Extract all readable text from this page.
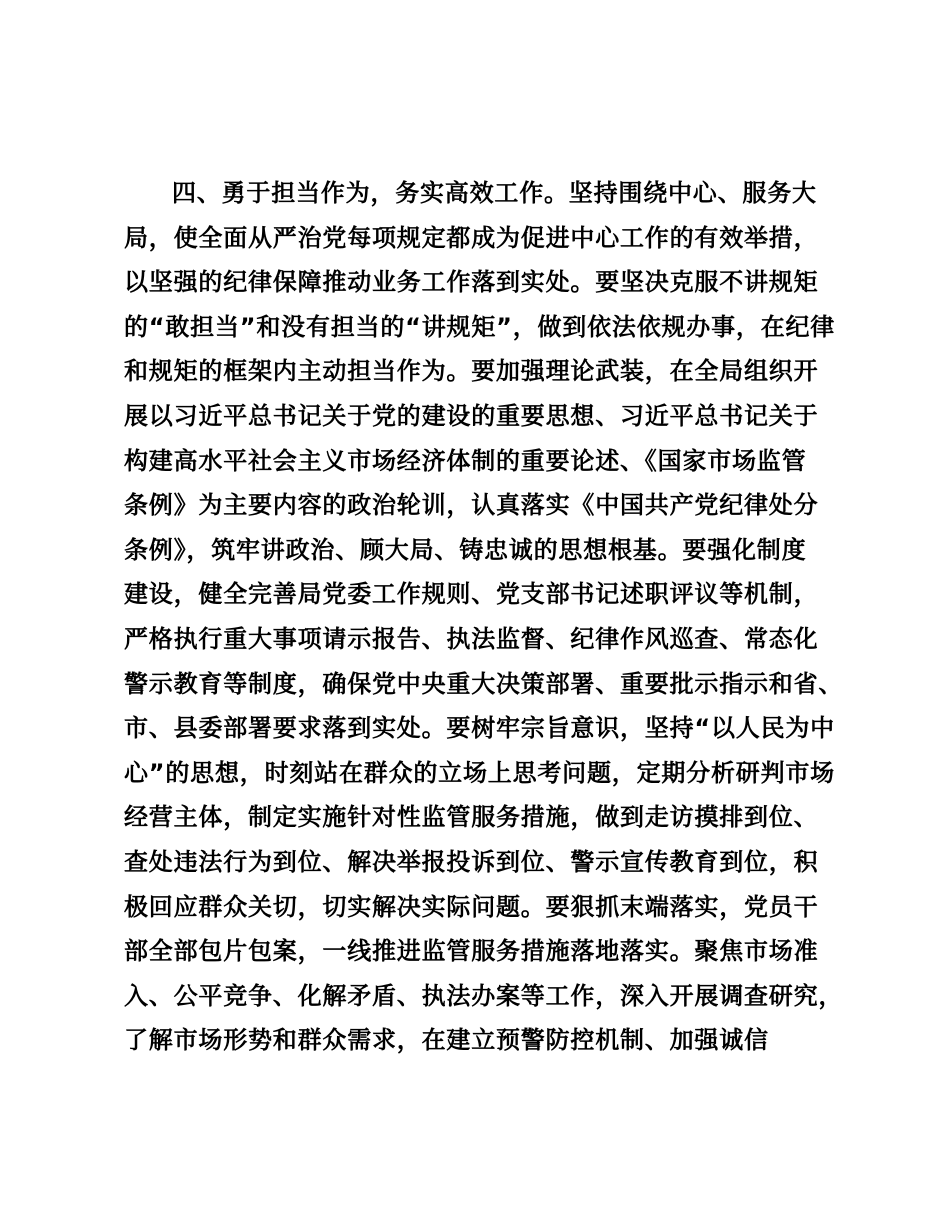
四、勇于担当作为，务实高效工作。坚持围绕中心、服务大
局，使全面从严治党每项规定都成为促进中心工作的有效举措，
以坚强的纪律保障推动业务工作落到实处。要坚决克服不讲规矩
的“敢担当”和没有担当的“讲规矩”，做到依法依规办事，在纪律
和规矩的框架内主动担当作为。要加强理论武装，在全局组织开
展以习近平总书记关于党的建设的重要思想、习近平总书记关于
构建高水平社会主义市场经济体制的重要论述、《国家市场监管
条例》为主要内容的政治轮训，认真落实《中国共产党纪律处分
条例》，筑牢讲政治、顾大局、铸忠诚的思想根基。要强化制度
建设，健全完善局党委工作规则、党支部书记述职评议等机制，
严格执行重大事项请示报告、执法监督、纪律作风巡查、常态化
警示教育等制度，确保党中央重大决策部署、重要批示指示和省、
市、县委部署要求落到实处。要树牢宗旨意识，坚持“以人民为中
心”的思想，时刻站在群众的立场上思考问题，定期分析研判市场
经营主体，制定实施针对性监管服务措施，做到走访摸排到位、
查处违法行为到位、解决举报投诉到位、警示宣传教育到位，积
极回应群众关切，切实解决实际问题。要狠抓末端落实，党员干
部全部包片包案，一线推进监管服务措施落地落实。聚焦市场准
入、公平竞争、化解矛盾、执法办案等工作，深入开展调查研究，
了解市场形势和群众需求，在建立预警防控机制、加强诚信
